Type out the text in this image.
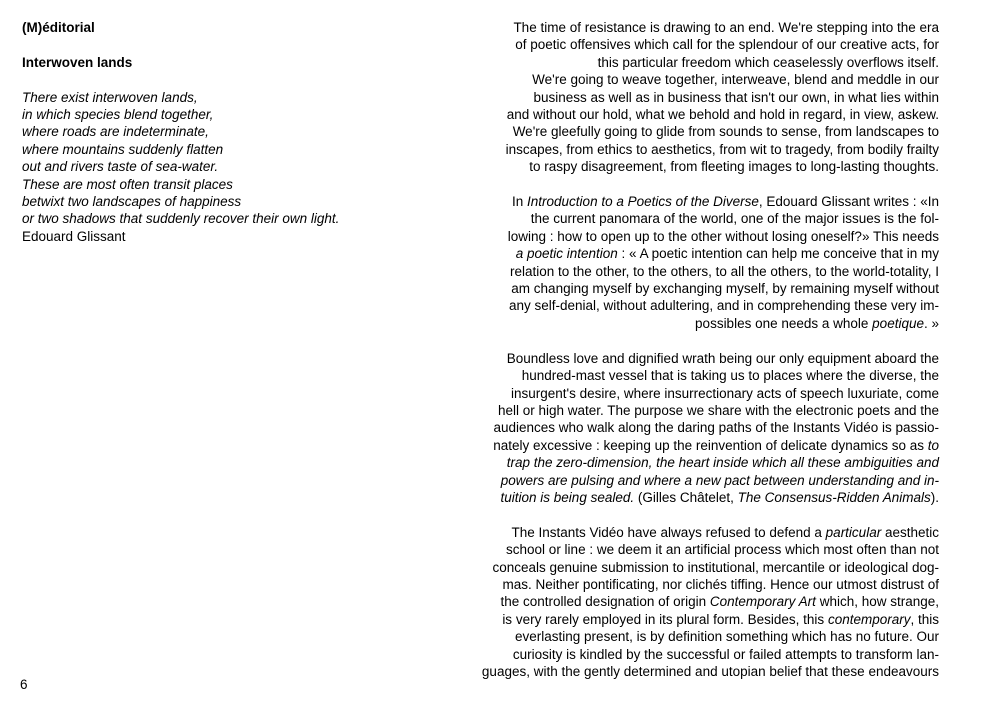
(M)éditorial
Interwoven lands
There exist interwoven lands,
in which species blend together,
where roads are indeterminate,
where mountains suddenly flatten
out and rivers taste of sea-water.
These are most often transit places
betwixt two landscapes of happiness
or two shadows that suddenly recover their own light.
Edouard Glissant
6
The time of resistance is drawing to an end. We're stepping into the era
of poetic offensives which call for the splendour of our creative acts, for
this particular freedom which ceaselessly overflows itself.
We're going to weave together, interweave, blend and meddle in our
business as well as in business that isn't our own, in what lies within
and without our hold, what we behold and hold in regard, in view, askew.
We're gleefully going to glide from sounds to sense, from landscapes to
inscapes, from ethics to aesthetics, from wit to tragedy, from bodily frailty
to raspy disagreement, from fleeting images to long-lasting thoughts.
In Introduction to a Poetics of the Diverse, Edouard Glissant writes : «In
the current panomara of the world, one of the major issues is the fol-
lowing : how to open up to the other without losing oneself?» This needs
a poetic intention : « A poetic intention can help me conceive that in my
relation to the other, to the others, to all the others, to the world-totality, I
am changing myself by exchanging myself, by remaining myself without
any self-denial, without adultering, and in comprehending these very im-
possibles one needs a whole poetique. »
Boundless love and dignified wrath being our only equipment aboard the
hundred-mast vessel that is taking us to places where the diverse, the
insurgent's desire, where insurrectionary acts of speech luxuriate, come
hell or high water. The purpose we share with the electronic poets and the
audiences who walk along the daring paths of the Instants Vidéo is passio-
nately excessive : keeping up the reinvention of delicate dynamics so as to
trap the zero-dimension, the heart inside which all these ambiguities and
powers are pulsing and where a new pact between understanding and in-
tuition is being sealed. (Gilles Châtelet, The Consensus-Ridden Animals).
The Instants Vidéo have always refused to defend a particular aesthetic
school or line : we deem it an artificial process which most often than not
conceals genuine submission to institutional, mercantile or ideological dog-
mas. Neither pontificating, nor clichés tiffing. Hence our utmost distrust of
the controlled designation of origin Contemporary Art which, how strange,
is very rarely employed in its plural form. Besides, this contemporary, this
everlasting present, is by definition something which has no future. Our
curiosity is kindled by the successful or failed attempts to transform lan-
guages, with the gently determined and utopian belief that these endeavours
